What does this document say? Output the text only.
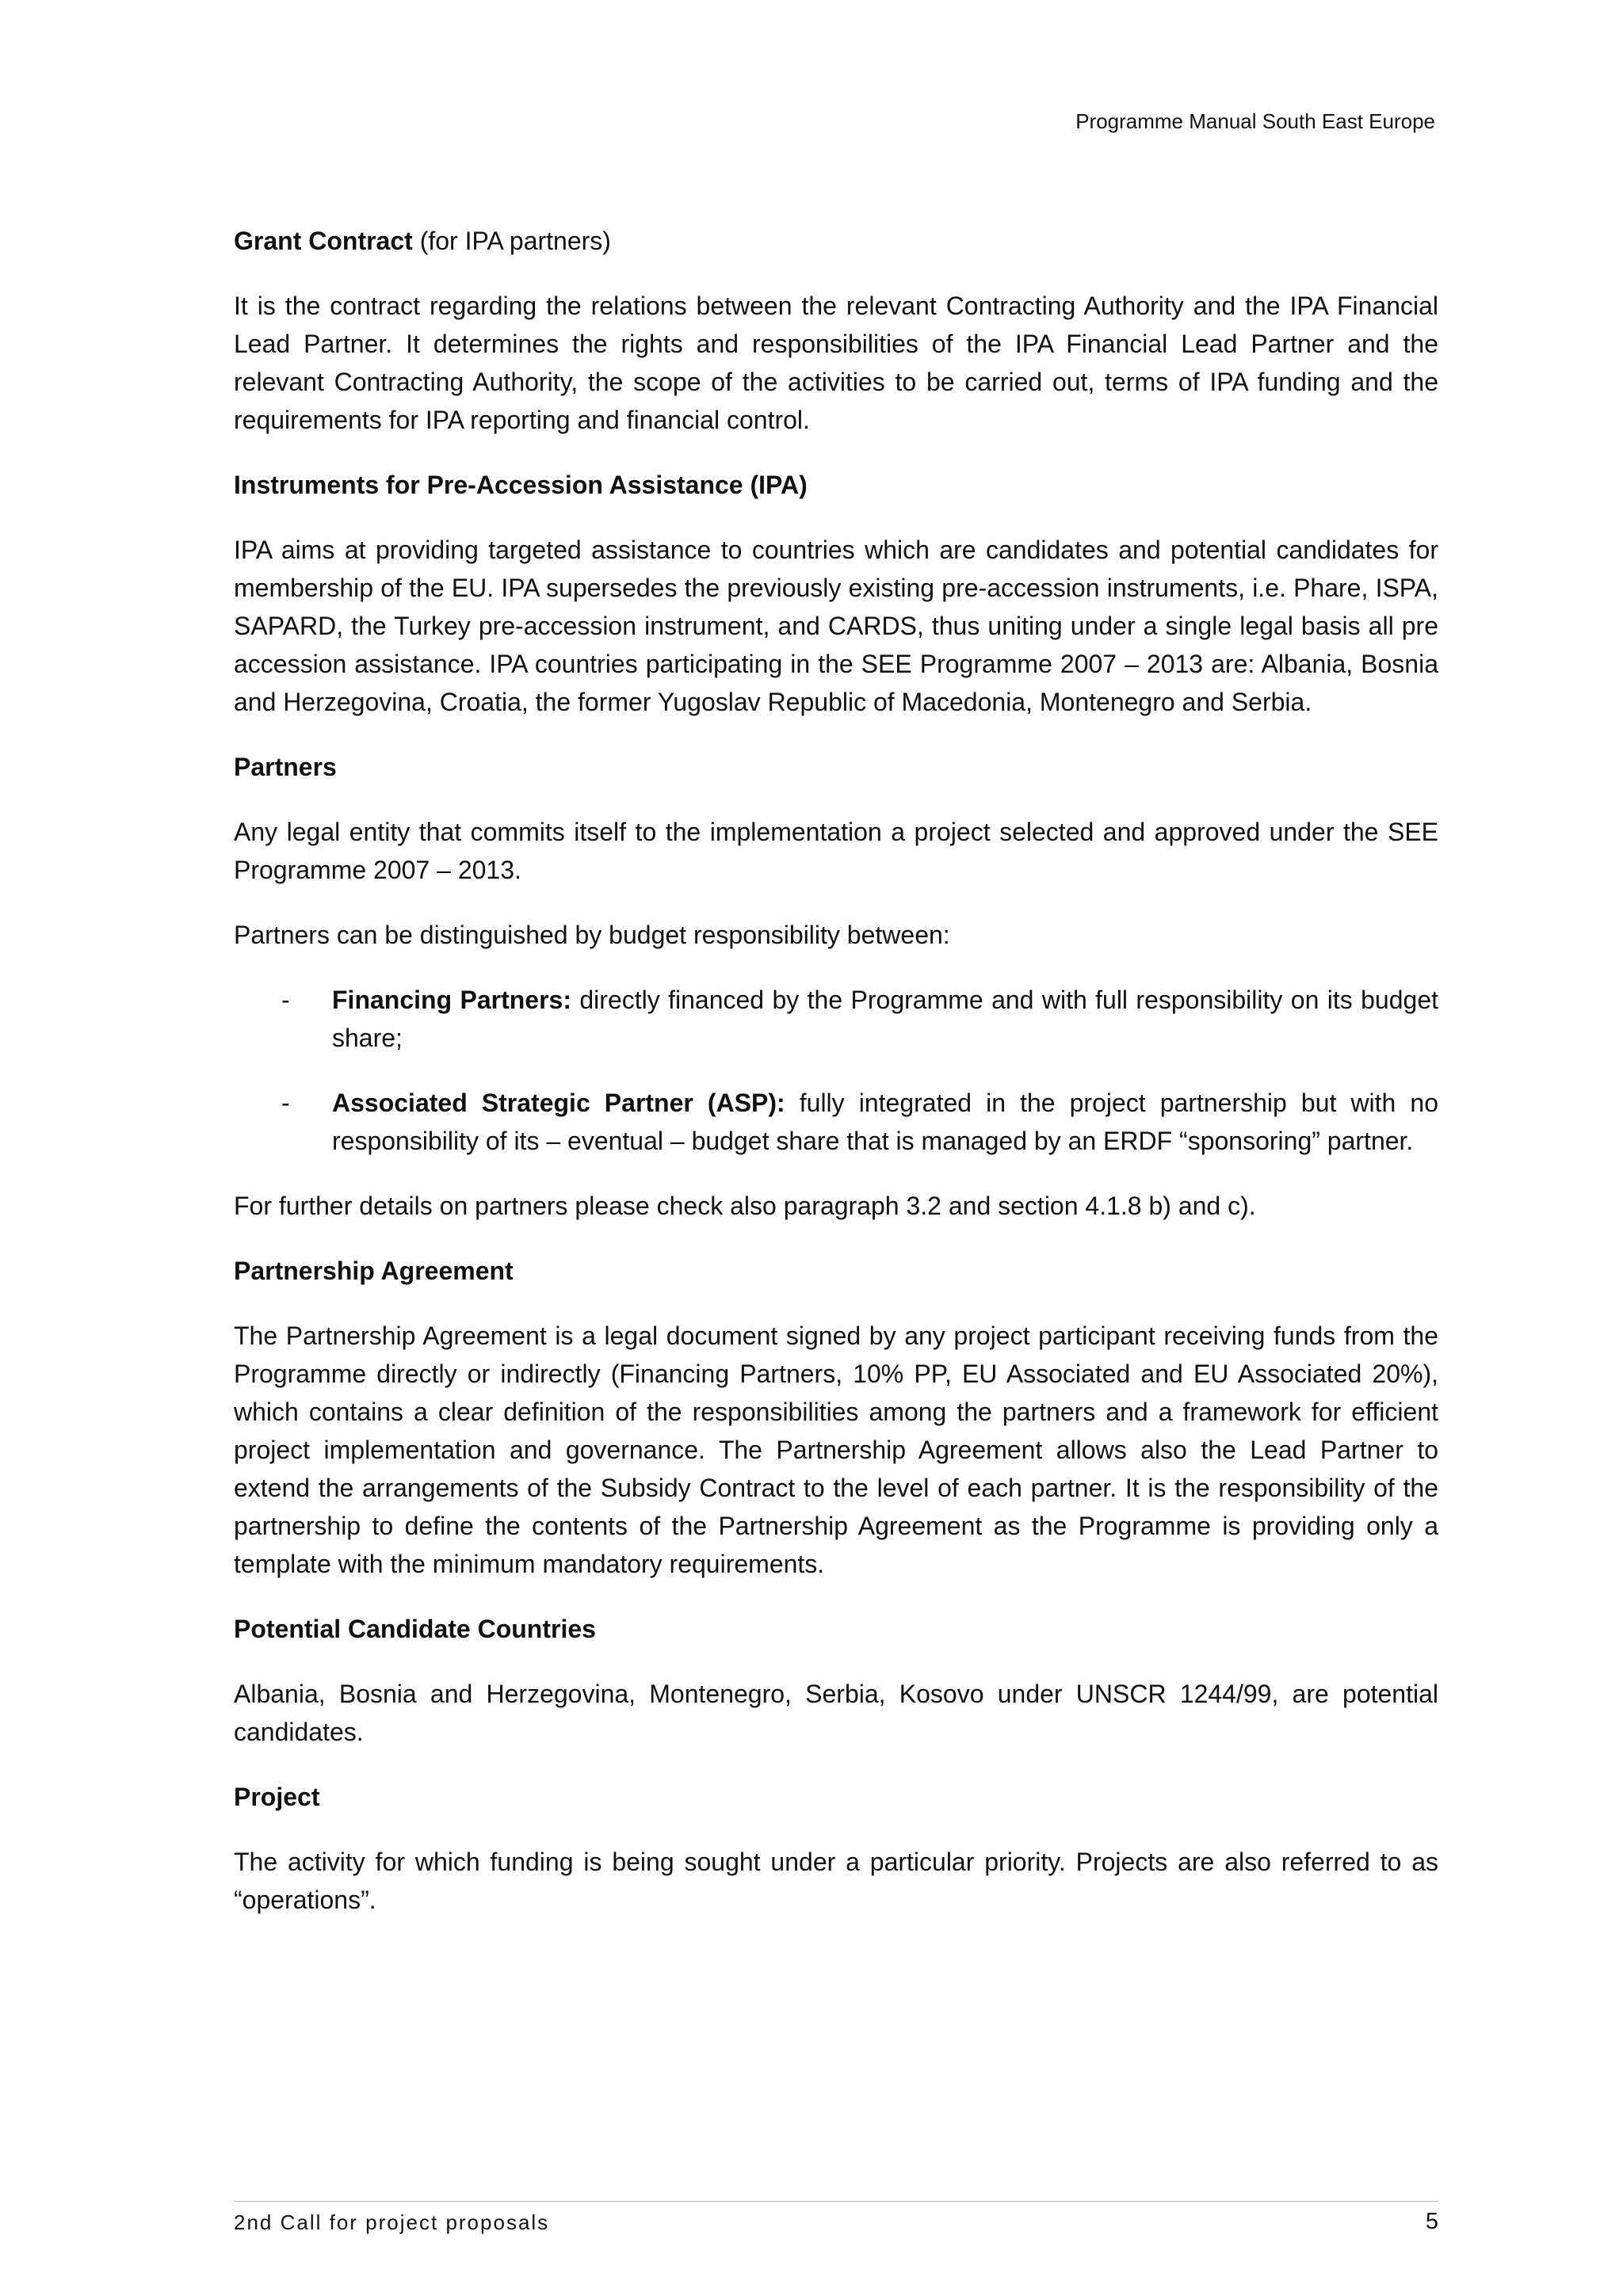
Programme Manual South East Europe

Grant Contract (for IPA partners)

It is the contract regarding the relations between the relevant Contracting Authority and the IPA Financial Lead Partner. It determines the rights and responsibilities of the IPA Financial Lead Partner and the relevant Contracting Authority, the scope of the activities to be carried out, terms of IPA funding and the requirements for IPA reporting and financial control.

Instruments for Pre-Accession Assistance (IPA)

IPA aims at providing targeted assistance to countries which are candidates and potential candidates for membership of the EU. IPA supersedes the previously existing pre-accession instruments, i.e. Phare, ISPA, SAPARD, the Turkey pre-accession instrument, and CARDS, thus uniting under a single legal basis all pre accession assistance. IPA countries participating in the SEE Programme 2007 – 2013 are: Albania, Bosnia and Herzegovina, Croatia, the former Yugoslav Republic of Macedonia, Montenegro and Serbia.

Partners

Any legal entity that commits itself to the implementation a project selected and approved under the SEE Programme 2007 – 2013.

Partners can be distinguished by budget responsibility between:

- Financing Partners: directly financed by the Programme and with full responsibility on its budget share;
- Associated Strategic Partner (ASP): fully integrated in the project partnership but with no responsibility of its – eventual – budget share that is managed by an ERDF “sponsoring” partner.

For further details on partners please check also paragraph 3.2 and section 4.1.8 b) and c).

Partnership Agreement

The Partnership Agreement is a legal document signed by any project participant receiving funds from the Programme directly or indirectly (Financing Partners, 10% PP, EU Associated and EU Associated 20%), which contains a clear definition of the responsibilities among the partners and a framework for efficient project implementation and governance. The Partnership Agreement allows also the Lead Partner to extend the arrangements of the Subsidy Contract to the level of each partner. It is the responsibility of the partnership to define the contents of the Partnership Agreement as the Programme is providing only a template with the minimum mandatory requirements.

Potential Candidate Countries

Albania, Bosnia and Herzegovina, Montenegro, Serbia, Kosovo under UNSCR 1244/99, are potential candidates.

Project

The activity for which funding is being sought under a particular priority. Projects are also referred to as “operations”.

2nd Call for project proposals	5
